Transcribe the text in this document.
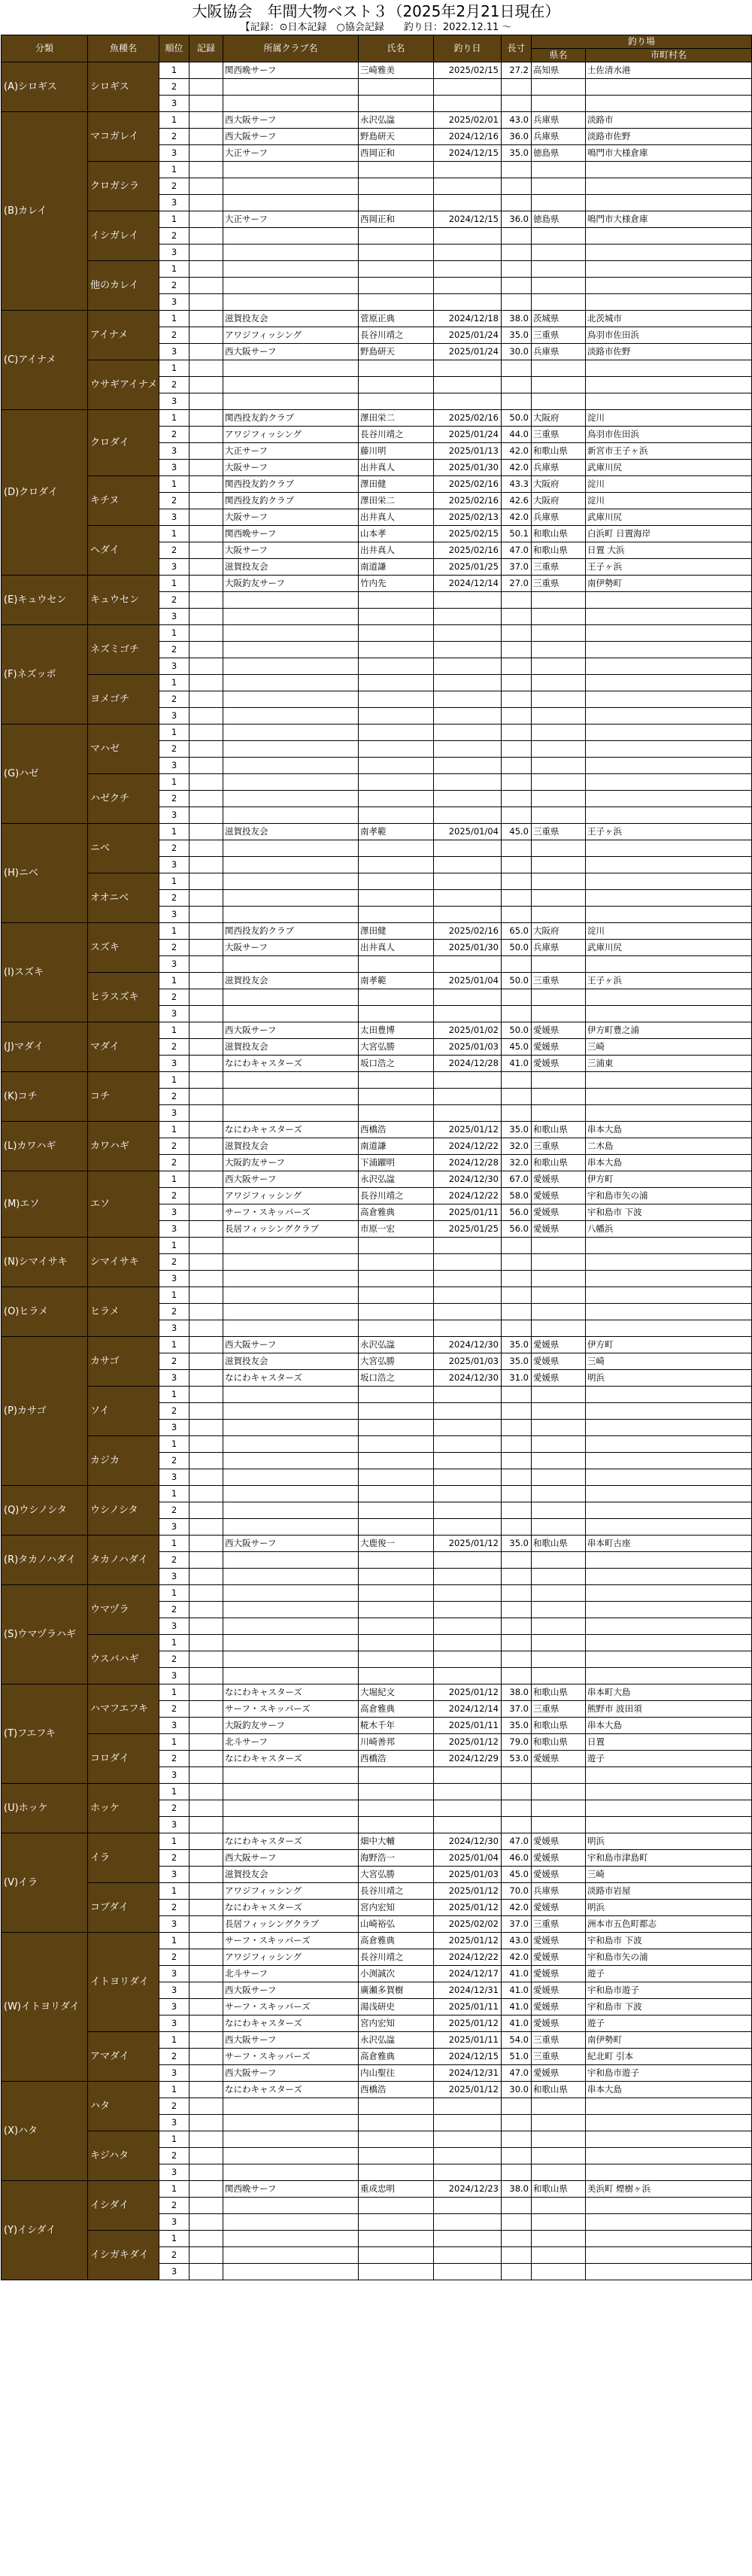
大阪協会　年間大物ベスト３（2025年2月21日現在）
【記録：⊙日本記録　○協会記録　　釣り日：2022.12.11 ～
分類	魚種名	順位	記録	所属クラブ名	氏名	釣り日	長寸	釣り場	
								県名	市町村名
(A)シロギス	シロギス	1		関西晩サーフ	三崎雅美	2025/02/15	27.2	高知県	土佐清水港
		2							
		3							
(B)カレイ	マコガレイ	1		西大阪サーフ	永沢弘諡	2025/02/01	43.0	兵庫県	淡路市
		2		西大阪サーフ	野島研天	2024/12/16	36.0	兵庫県	淡路市佐野
		3		大正サーフ	西岡正和	2024/12/15	35.0	徳島県	鳴門市大様倉庫
	クロガシラ	1							
		2							
		3							
	イシガレイ	1		大正サーフ	西岡正和	2024/12/15	36.0	徳島県	鳴門市大様倉庫
		2							
		3							
	他のカレイ	1							
		2							
		3							
(C)アイナメ	アイナメ	1		滋賀投友会	菅原正典	2024/12/18	38.0	茨城県	北茨城市
		2		アワジフィッシング	長谷川靖之	2025/01/24	35.0	三重県	鳥羽市佐田浜
		3		西大阪サーフ	野島研天	2025/01/24	30.0	兵庫県	淡路市佐野
	ウサギアイナメ	1							
		2							
		3							
(D)クロダイ	クロダイ	1		関西投友釣クラブ	澤田栄二	2025/02/16	50.0	大阪府	淀川
		2		アワジフィッシング	長谷川靖之	2025/01/24	44.0	三重県	鳥羽市佐田浜
		3		大正サーフ	藤川明	2025/01/13	42.0	和歌山県	新宮市王子ヶ浜
		3		大阪サーフ	出井真人	2025/01/30	42.0	兵庫県	武庫川尻
	キチヌ	1		関西投友釣クラブ	澤田健	2025/02/16	43.3	大阪府	淀川
		2		関西投友釣クラブ	澤田栄二	2025/02/16	42.6	大阪府	淀川
		3		大阪サーフ	出井真人	2025/02/13	42.0	兵庫県	武庫川尻
	ヘダイ	1		関西晩サーフ	山本孝	2025/02/15	50.1	和歌山県	白浜町 日置海岸
		2		大阪サーフ	出井真人	2025/02/16	47.0	和歌山県	日置 大浜
		3		滋賀投友会	南道謙	2025/01/25	37.0	三重県	王子ヶ浜
(E)キュウセン	キュウセン	1		大阪釣友サーフ	竹内先	2024/12/14	27.0	三重県	南伊勢町
		2							
		3							
(F)ネズッポ	ネズミゴチ	1							
		2							
		3							
	ヨメゴチ	1							
		2							
		3							
(G)ハゼ	マハゼ	1							
		2							
		3							
	ハゼクチ	1							
		2							
		3							
(H)ニベ	ニベ	1		滋賀投友会	南孝範	2025/01/04	45.0	三重県	王子ヶ浜
		2							
		3							
	オオニベ	1							
		2							
		3							
(I)スズキ	スズキ	1		関西投友釣クラブ	澤田健	2025/02/16	65.0	大阪府	淀川
		2		大阪サーフ	出井真人	2025/01/30	50.0	兵庫県	武庫川尻
		3							
	ヒラスズキ	1		滋賀投友会	南孝範	2025/01/04	50.0	三重県	王子ヶ浜
		2							
		3							
(J)マダイ	マダイ	1		西大阪サーフ	太田豊博	2025/01/02	50.0	愛媛県	伊方町豊之浦
		2		滋賀投友会	大宮弘勝	2025/01/03	45.0	愛媛県	三崎
		3		なにわキャスターズ	坂口浩之	2024/12/28	41.0	愛媛県	三浦東
(K)コチ	コチ	1							
		2							
		3							
(L)カワハギ	カワハギ	1		なにわキャスターズ	西橋浩	2025/01/12	35.0	和歌山県	串本大島
		2		滋賀投友会	南道謙	2024/12/22	32.0	三重県	二木島
		2		大阪釣友サーフ	下浦躍明	2024/12/28	32.0	和歌山県	串本大島
(M)エソ	エソ	1		西大阪サーフ	永沢弘諡	2024/12/30	67.0	愛媛県	伊方町
		2		アワジフィッシング	長谷川靖之	2024/12/22	58.0	愛媛県	宇和島市矢の浦
		3		サーフ・スキッパーズ	高倉雅典	2025/01/11	56.0	愛媛県	宇和島市 下波
		3		長居フィッシングクラブ	市原一宏	2025/01/25	56.0	愛媛県	八幡浜
(N)シマイサキ	シマイサキ	1							
		2							
		3							
(O)ヒラメ	ヒラメ	1							
		2							
		3							
(P)カサゴ	カサゴ	1		西大阪サーフ	永沢弘諡	2024/12/30	35.0	愛媛県	伊方町
		2		滋賀投友会	大宮弘勝	2025/01/03	35.0	愛媛県	三崎
		3		なにわキャスターズ	坂口浩之	2024/12/30	31.0	愛媛県	明浜
	ソイ	1							
		2							
		3							
	カジカ	1							
		2							
		3							
(Q)ウシノシタ	ウシノシタ	1							
		2							
		3							
(R)タカノハダイ	タカノハダイ	1		西大阪サーフ	大鹿俊一	2025/01/12	35.0	和歌山県	串本町古座
		2							
		3							
(S)ウマヅラハギ	ウマヅラ	1							
		2							
		3							
	ウスバハギ	1							
		2							
		3							
(T)フエフキ	ハマフエフキ	1		なにわキャスターズ	大堀紀文	2025/01/12	38.0	和歌山県	串本町大島
		2		サーフ・スキッパーズ	高倉雅典	2024/12/14	37.0	三重県	熊野市 波田須
		3		大阪釣友サーフ	糀木千年	2025/01/11	35.0	和歌山県	串本大島
	コロダイ	1		北斗サーフ	川崎善邦	2025/01/12	79.0	和歌山県	日置
		2		なにわキャスターズ	西橋浩	2024/12/29	53.0	愛媛県	遊子
		3							
(U)ホッケ	ホッケ	1							
		2							
		3							
(V)イラ	イラ	1		なにわキャスターズ	畑中大輔	2024/12/30	47.0	愛媛県	明浜
		2		西大阪サーフ	海野浩一	2025/01/04	46.0	愛媛県	宇和島市津島町
		3		滋賀投友会	大宮弘勝	2025/01/03	45.0	愛媛県	三崎
	コブダイ	1		アワジフィッシング	長谷川靖之	2025/01/12	70.0	兵庫県	淡路市岩屋
		2		なにわキャスターズ	宮内宏知	2025/01/12	42.0	愛媛県	明浜
		3		長居フィッシングクラブ	山崎裕弘	2025/02/02	37.0	三重県	洲本市五色町都志
(W)イトヨリダイ	イトヨリダイ	1		サーフ・スキッパーズ	高倉雅典	2025/01/12	43.0	愛媛県	宇和島市 下波
		2		アワジフィッシング	長谷川靖之	2024/12/22	42.0	愛媛県	宇和島市矢の浦
		3		北斗サーフ	小渕誠次	2024/12/17	41.0	愛媛県	遊子
		3		西大阪サーフ	廣瀬多賀樹	2024/12/31	41.0	愛媛県	宇和島市遊子
		3		サーフ・スキッパーズ	湯浅研史	2025/01/11	41.0	愛媛県	宇和島市 下波
		3		なにわキャスターズ	宮内宏知	2025/01/12	41.0	愛媛県	遊子
	アマダイ	1		西大阪サーフ	永沢弘諡	2025/01/11	54.0	三重県	南伊勢町
		2		サーフ・スキッパーズ	高倉雅典	2024/12/15	51.0	三重県	紀北町 引本
		3		西大阪サーフ	内山聖往	2024/12/31	47.0	愛媛県	宇和島市遊子
(X)ハタ	ハタ	1		なにわキャスターズ	西橋浩	2025/01/12	30.0	和歌山県	串本大島
		2							
		3							
	キジハタ	1							
		2							
		3							
(Y)イシダイ	イシダイ	1		関西晩サーフ	重成忠明	2024/12/23	38.0	和歌山県	美浜町 煙樹ヶ浜
		2							
		3							
	イシガキダイ	1							
		2							
		3							
